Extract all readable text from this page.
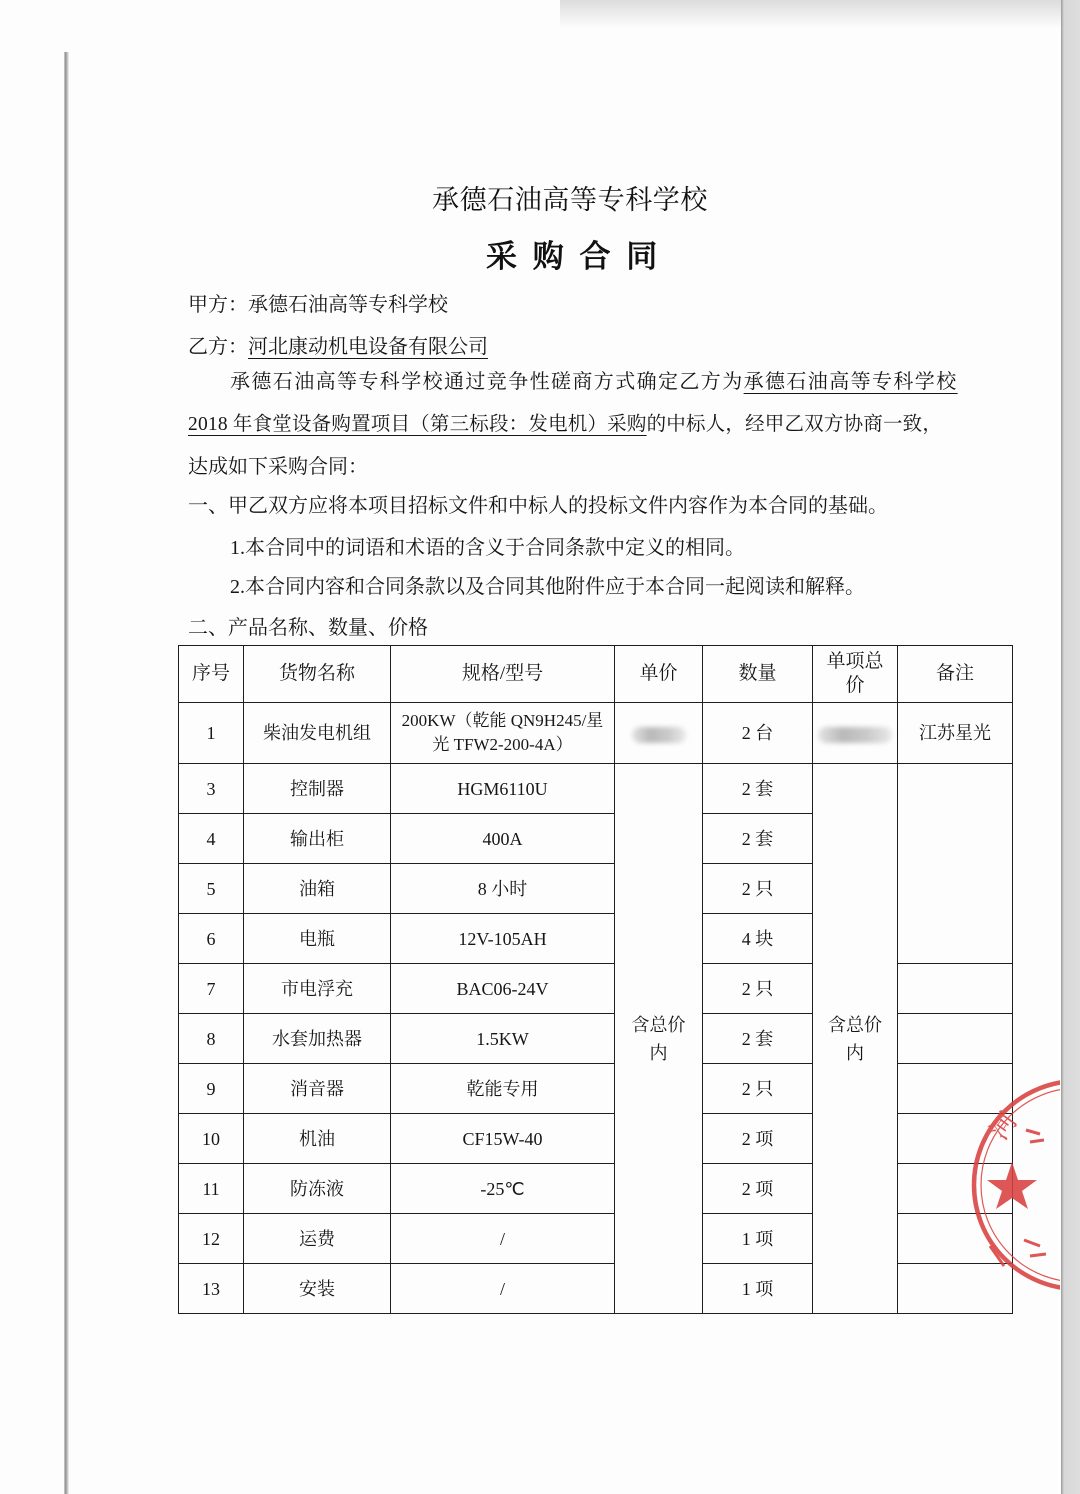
承德石油高等专科学校
采 购 合 同
甲方：承德石油高等专科学校
乙方：河北康动机电设备有限公司
承德石油高等专科学校通过竞争性磋商方式确定乙方为承德石油高等专科学校
2018 年食堂设备购置项目（第三标段：发电机）采购的中标人，经甲乙双方协商一致，
达成如下采购合同：
一、甲乙双方应将本项目招标文件和中标人的投标文件内容作为本合同的基础。
1.本合同中的词语和术语的含义于合同条款中定义的相同。
2.本合同内容和合同条款以及合同其他附件应于本合同一起阅读和解释。
二、产品名称、数量、价格
序号	货物名称	规格/型号	单价	数量	单项总价	备注
1	柴油发电机组	200KW（乾能 QN9H245/星光 TFW2-200-4A）		2 台		江苏星光
3	控制器	HGM6110U	含总价内	2 套	含总价内	
4	输出柜	400A		2 套		
5	油箱	8 小时		2 只		
6	电瓶	12V-105AH		4 块		
7	市电浮充	BAC06-24V		2 只		
8	水套加热器	1.5KW		2 套		
9	消音器	乾能专用		2 只		
10	机油	CF15W-40		2 项		
11	防冻液	-25℃		2 项		
12	运费	/		1 项		
13	安装	/		1 项		
河
